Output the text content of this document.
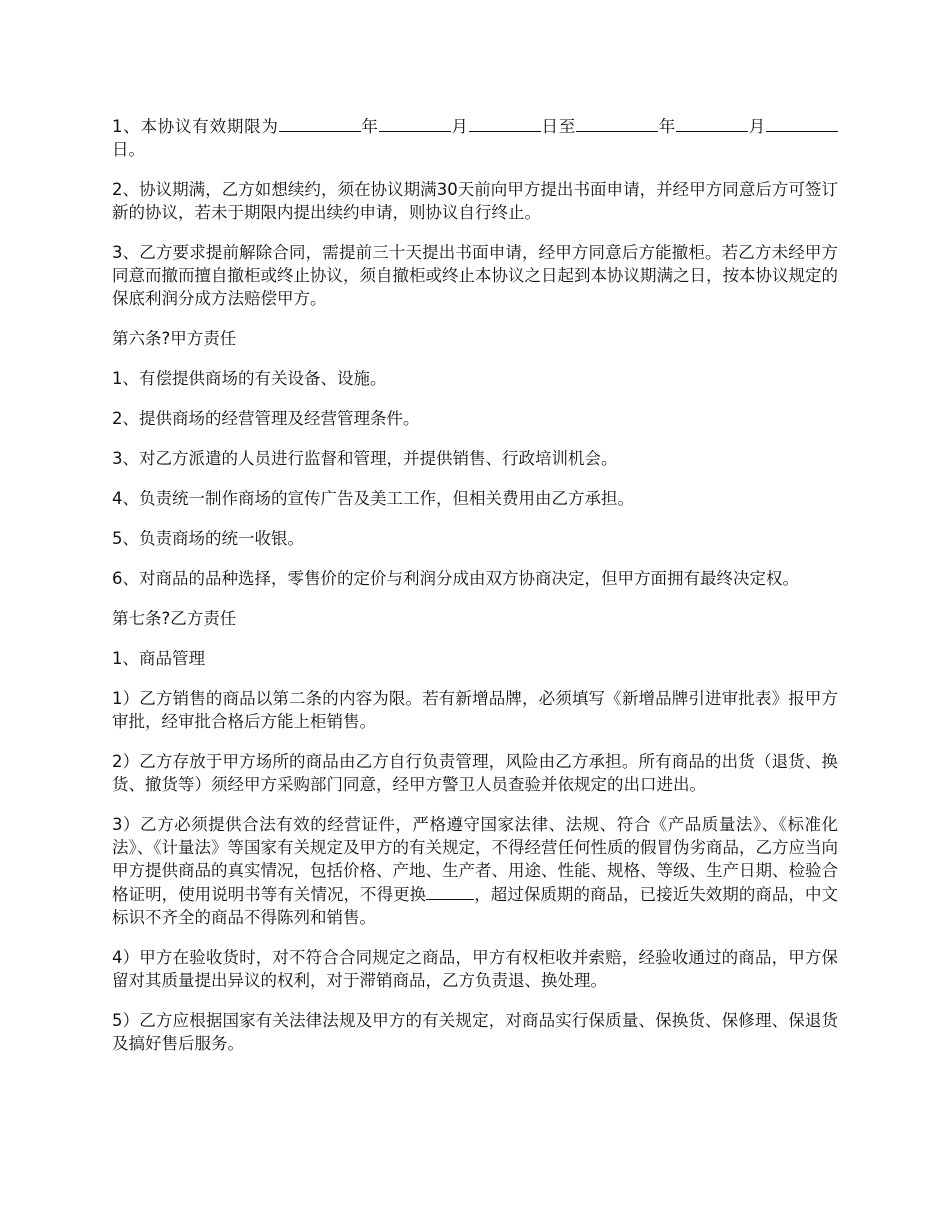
1、本协议有效期限为	年	月	日至	年	月日。

2、协议期满，乙方如想续约，须在协议期满30天前向甲方提出书面申请，并经甲方同意后方可签订新的协议，若未于期限内提出续约申请，则协议自行终止。

3、乙方要求提前解除合同，需提前三十天提出书面申请，经甲方同意后方能撤柜。若乙方未经甲方同意而撤而擅自撤柜或终止协议，须自撤柜或终止本协议之日起到本协议期满之日，按本协议规定的保底利润分成方法赔偿甲方。

第六条?甲方责任

1、有偿提供商场的有关设备、设施。

2、提供商场的经营管理及经营管理条件。

3、对乙方派遣的人员进行监督和管理，并提供销售、行政培训机会。

4、负责统一制作商场的宣传广告及美工工作，但相关费用由乙方承担。

5、负责商场的统一收银。

6、对商品的品种选择，零售价的定价与利润分成由双方协商决定，但甲方面拥有最终决定权。

第七条?乙方责任

1、商品管理

1）乙方销售的商品以第二条的内容为限。若有新增品牌，必须填写《新增品牌引进审批表》报甲方审批，经审批合格后方能上柜销售。

2）乙方存放于甲方场所的商品由乙方自行负责管理，风险由乙方承担。所有商品的出货（退货、换货、撤货等）须经甲方采购部门同意，经甲方警卫人员查验并依规定的出口进出。

3）乙方必须提供合法有效的经营证件，严格遵守国家法律、法规、符合《产品质量法》、《标准化法》、《计量法》等国家有关规定及甲方的有关规定，不得经营任何性质的假冒伪劣商品，乙方应当向甲方提供商品的真实情况，包括价格、产地、生产者、用途、性能、规格、等级、生产日期、检验合格证明，使用说明书等有关情况，不得更换	，超过保质期的商品，已接近失效期的商品，中文标识不齐全的商品不得陈列和销售。

4）甲方在验收货时，对不符合合同规定之商品，甲方有权柜收并索赔，经验收通过的商品，甲方保留对其质量提出异议的权利，对于滞销商品，乙方负责退、换处理。

5）乙方应根据国家有关法律法规及甲方的有关规定，对商品实行保质量、保换货、保修理、保退货及搞好售后服务。
